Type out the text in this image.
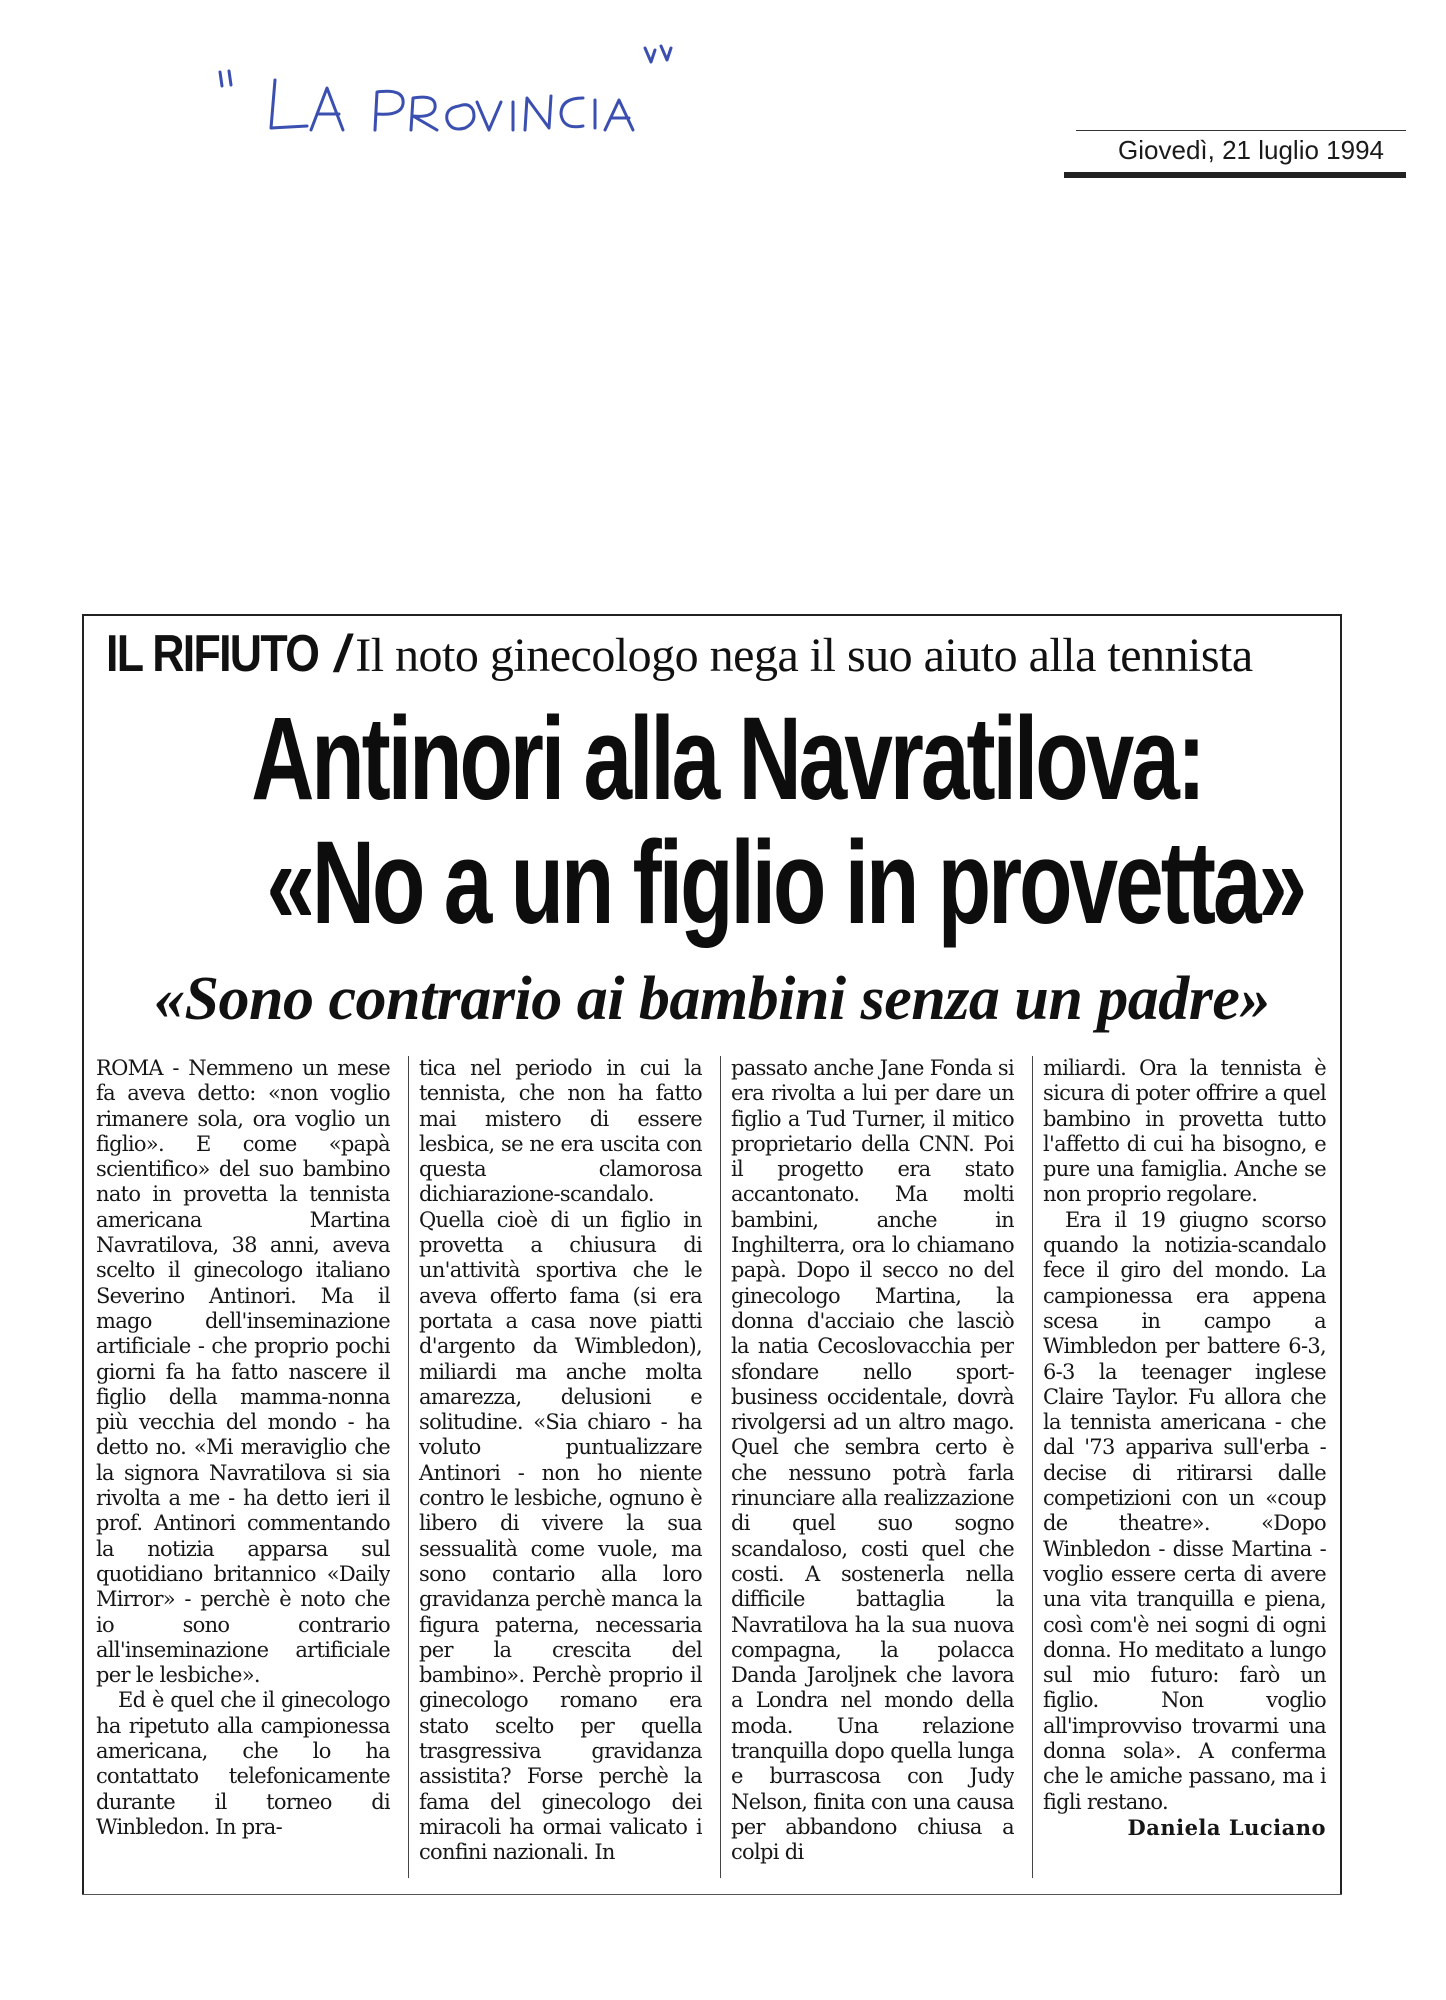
Giovedì, 21 luglio 1994
IL RIFIUTO / Il noto ginecologo nega il suo aiuto alla tennista
Antinori alla Navratilova:
«No a un figlio in provetta»
«Sono contrario ai bambini senza un padre»

ROMA - Nemmeno un mese fa aveva detto: «non voglio rimanere sola, ora voglio un figlio». E come «papà scientifico» del suo bambino nato in provetta la tennista americana Martina Navratilova, 38 anni, aveva scelto il ginecologo italiano Severino Antinori. Ma il mago dell'inseminazione artificiale - che proprio pochi giorni fa ha fatto nascere il figlio della mamma-nonna più vecchia del mondo - ha detto no. «Mi meraviglio che la signora Navratilova si sia rivolta a me - ha detto ieri il prof. Antinori commentando la notizia apparsa sul quotidiano britannico «Daily Mirror» - perchè è noto che io sono contrario all'inseminazione artificiale per le lesbiche».

Ed è quel che il ginecologo ha ripetuto alla campionessa americana, che lo ha contattato telefonicamente durante il torneo di Winbledon. In pra-

tica nel periodo in cui la tennista, che non ha fatto mai mistero di essere lesbica, se ne era uscita con questa clamorosa dichiarazione-scandalo. Quella cioè di un figlio in provetta a chiusura di un'attività sportiva che le aveva offerto fama (si era portata a casa nove piatti d'argento da Wimbledon), miliardi ma anche molta amarezza, delusioni e solitudine. «Sia chiaro - ha voluto puntualizzare Antinori - non ho niente contro le lesbiche, ognuno è libero di vivere la sua sessualità come vuole, ma sono contario alla loro gravidanza perchè manca la figura paterna, necessaria per la crescita del bambino». Perchè proprio il ginecologo romano era stato scelto per quella trasgressiva gravidanza assistita? Forse perchè la fama del ginecologo dei miracoli ha ormai valicato i confini nazionali. In

passato anche Jane Fonda si era rivolta a lui per dare un figlio a Tud Turner, il mitico proprietario della CNN. Poi il progetto era stato accantonato. Ma molti bambini, anche in Inghilterra, ora lo chiamano papà. Dopo il secco no del ginecologo Martina, la donna d'acciaio che lasciò la natia Cecoslovacchia per sfondare nello sport-business occidentale, dovrà rivolgersi ad un altro mago. Quel che sembra certo è che nessuno potrà farla rinunciare alla realizzazione di quel suo sogno scandaloso, costi quel che costi. A sostenerla nella difficile battaglia la Navratilova ha la sua nuova compagna, la polacca Danda Jaroljnek che lavora a Londra nel mondo della moda. Una relazione tranquilla dopo quella lunga e burrascosa con Judy Nelson, finita con una causa per abbandono chiusa a colpi di

miliardi. Ora la tennista è sicura di poter offrire a quel bambino in provetta tutto l'affetto di cui ha bisogno, e pure una famiglia. Anche se non proprio regolare.

Era il 19 giugno scorso quando la notizia-scandalo fece il giro del mondo. La campionessa era appena scesa in campo a Wimbledon per battere 6-3, 6-3 la teenager inglese Claire Taylor. Fu allora che la tennista americana - che dal '73 appariva sull'erba - decise di ritirarsi dalle competizioni con un «coup de theatre». «Dopo Winbledon - disse Martina - voglio essere certa di avere una vita tranquilla e piena, così com'è nei sogni di ogni donna. Ho meditato a lungo sul mio futuro: farò un figlio. Non voglio all'improvviso trovarmi una donna sola». A conferma che le amiche passano, ma i figli restano.

Daniela Luciano
